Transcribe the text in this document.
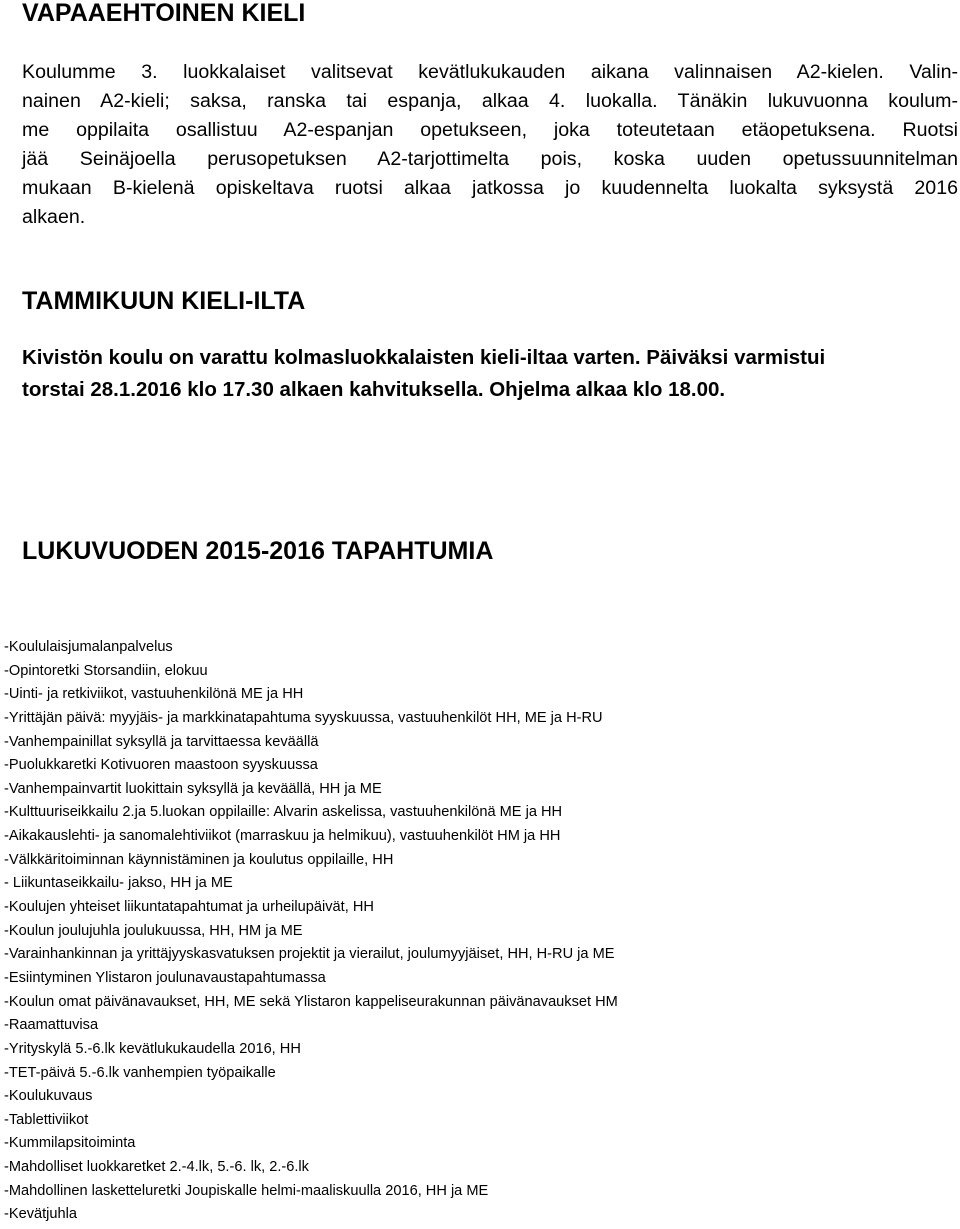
VAPAAEHTOINEN KIELI
Koulumme 3. luokkalaiset valitsevat kevätlukukauden aikana valinnaisen A2-kielen. Valin-
nainen A2-kieli; saksa, ranska tai espanja, alkaa 4. luokalla. Tänäkin lukuvuonna koulum-
me oppilaita osallistuu A2-espanjan opetukseen, joka toteutetaan etäopetuksena. Ruotsi
jää Seinäjoella perusopetuksen A2-tarjottimelta pois, koska uuden opetussuunnitelman
mukaan B-kielenä opiskeltava ruotsi alkaa jatkossa jo kuudennelta luokalta syksystä 2016
alkaen.
TAMMIKUUN KIELI-ILTA
Kivistön koulu on varattu kolmasluokkalaisten kieli-iltaa varten. Päiväksi varmistui
torstai 28.1.2016 klo 17.30 alkaen kahvituksella. Ohjelma alkaa klo 18.00.
LUKUVUODEN 2015-2016 TAPAHTUMIA
-Koululaisjumalanpalvelus
-Opintoretki Storsandiin, elokuu
-Uinti- ja retkiviikot, vastuuhenkilönä ME ja HH
-Yrittäjän päivä: myyjäis- ja markkinatapahtuma syyskuussa, vastuuhenkilöt HH, ME ja H-RU
-Vanhempainillat syksyllä ja tarvittaessa keväällä
-Puolukkaretki Kotivuoren maastoon syyskuussa
-Vanhempainvartit luokittain syksyllä ja keväällä, HH ja ME
-Kulttuuriseikkailu 2.ja 5.luokan oppilaille: Alvarin askelissa, vastuuhenkilönä ME ja HH
-Aikakauslehti- ja sanomalehtiviikot (marraskuu ja helmikuu), vastuuhenkilöt HM ja HH
-Välkkäritoiminnan käynnistäminen ja koulutus oppilaille, HH
- Liikuntaseikkailu- jakso, HH ja ME
-Koulujen yhteiset liikuntatapahtumat ja urheilupäivät, HH
-Koulun joulujuhla joulukuussa, HH, HM ja ME
-Varainhankinnan ja yrittäjyyskasvatuksen projektit ja vierailut, joulumyyjäiset, HH, H-RU ja ME
-Esiintyminen Ylistaron joulunavaustapahtumassa
-Koulun omat päivänavaukset, HH, ME sekä Ylistaron kappeliseurakunnan päivänavaukset HM
-Raamattuvisa
-Yrityskylä 5.-6.lk kevätlukukaudella 2016, HH
-TET-päivä 5.-6.lk vanhempien työpaikalle
-Koulukuvaus
-Tablettiviikot
-Kummilapsitoiminta
-Mahdolliset luokkaretket 2.-4.lk, 5.-6. lk, 2.-6.lk
-Mahdollinen lasketteluretki Joupiskalle helmi-maaliskuulla 2016, HH ja ME
-Kevätjuhla
